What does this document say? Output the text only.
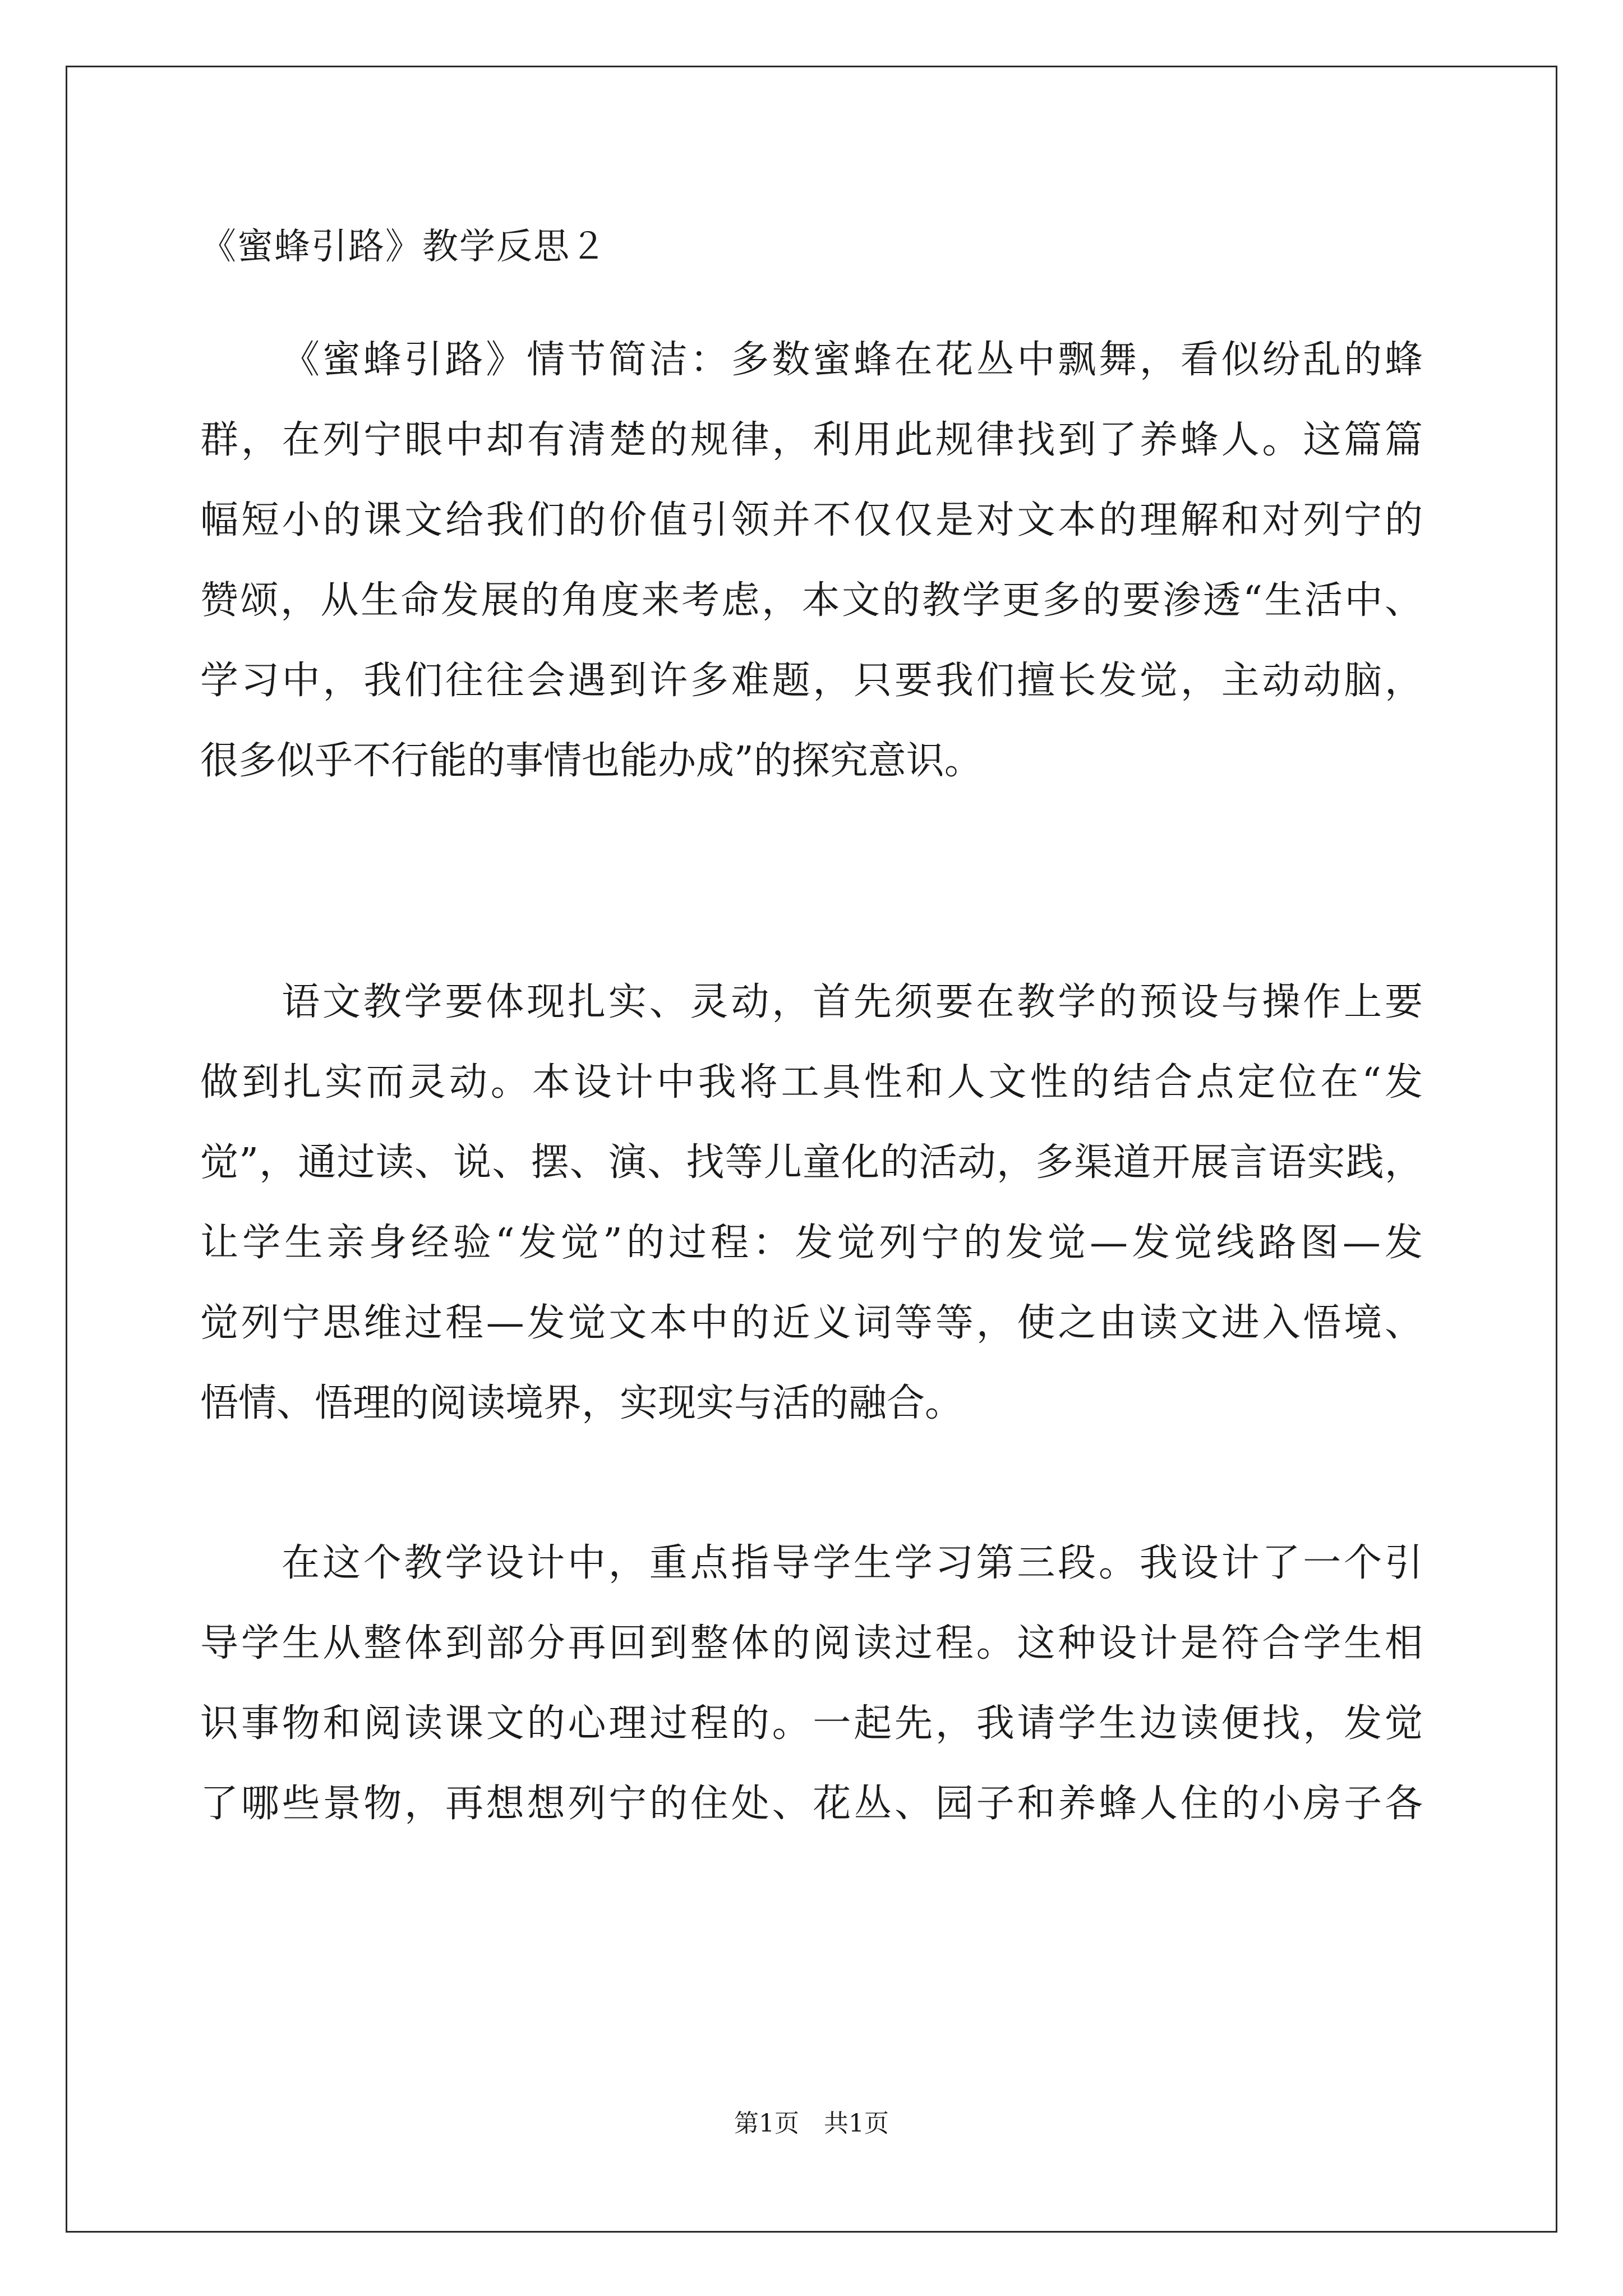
《蜜蜂引路》教学反思２
《蜜蜂引路》情节简洁：多数蜜蜂在花丛中飘舞，看似纷乱的蜂
群，在列宁眼中却有清楚的规律，利用此规律找到了养蜂人。这篇篇
幅短小的课文给我们的价值引领并不仅仅是对文本的理解和对列宁的
赞颂，从生命发展的角度来考虑，本文的教学更多的要渗透“生活中、
学习中，我们往往会遇到许多难题，只要我们擅长发觉，主动动脑，
很多似乎不行能的事情也能办成”的探究意识。
语文教学要体现扎实、灵动，首先须要在教学的预设与操作上要
做到扎实而灵动。本设计中我将工具性和人文性的结合点定位在“发
觉”，通过读、说、摆、演、找等儿童化的活动，多渠道开展言语实践，
让学生亲身经验“发觉”的过程：发觉列宁的发觉—发觉线路图—发
觉列宁思维过程—发觉文本中的近义词等等，使之由读文进入悟境、
悟情、悟理的阅读境界，实现实与活的融合。
在这个教学设计中，重点指导学生学习第三段。我设计了一个引
导学生从整体到部分再回到整体的阅读过程。这种设计是符合学生相
识事物和阅读课文的心理过程的。一起先，我请学生边读便找，发觉
了哪些景物，再想想列宁的住处、花丛、园子和养蜂人住的小房子各
第1页　共1页
